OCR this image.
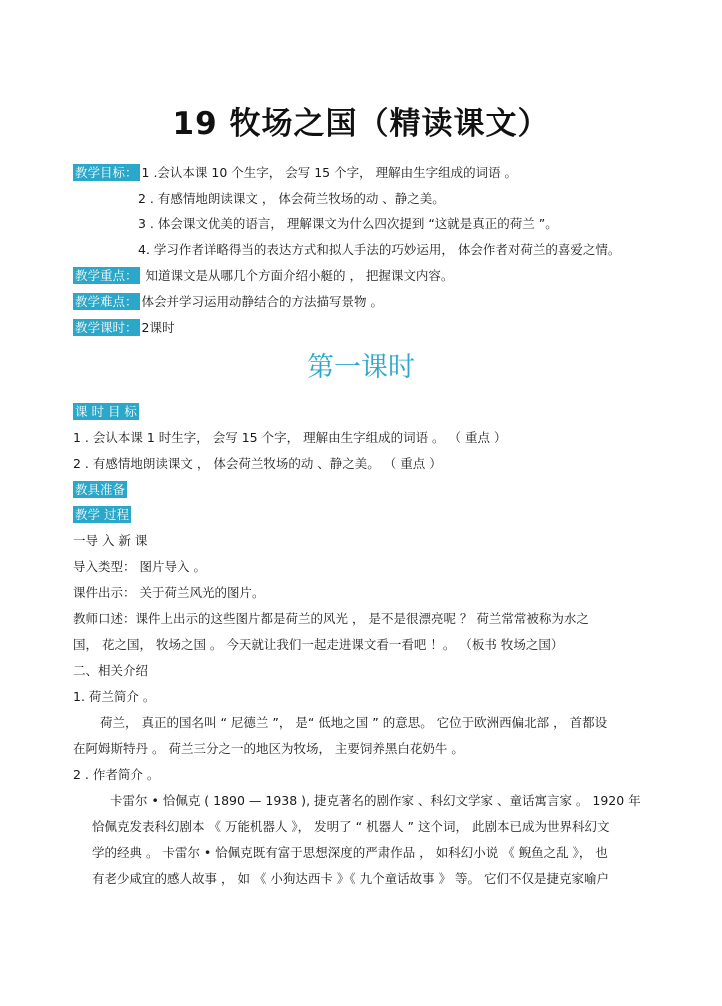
19 牧场之国（精读课文）
教学目标： 1 .会认本课 10 个生字， 会写 15 个字， 理解由生字组成的词语 。
2 . 有感情地朗读课文 ， 体会荷兰牧场的动 、静之美。
3 . 体会课文优美的语言， 理解课文为什么四次提到 “这就是真正的荷兰 ”。
4. 学习作者详略得当的表达方式和拟人手法的巧妙运用， 体会作者对荷兰的喜爱之情。
教学重点： 知道课文是从哪几个方面介绍小艇的 ， 把握课文内容。
教学难点： 体会并学习运用动静结合的方法描写景物 。
教学课时： 2课时
第一课时
课 时 目 标
1 . 会认本课 1 时生字， 会写 15 个字， 理解由生字组成的词语 。 （ 重点 ）
2 . 有感情地朗读课文 ， 体会荷兰牧场的动 、静之美。 （ 重点 ）
教具准备
教学 过程
一导 入 新 课
导入类型： 图片导入 。
课件出示： 关于荷兰风光的图片。
教师口述：课件上出示的这些图片都是荷兰的风光 ， 是不是很漂亮呢 ？ 荷兰常常被称为水之
国， 花之国， 牧场之国 。 今天就让我们一起走进课文看一看吧 ！。 （板书 牧场之国）
二、相关介绍
1. 荷兰简介 。
荷兰， 真正的国名叫 “ 尼德兰 ”， 是“ 低地之国 ” 的意思。 它位于欧洲西偏北部 ， 首都设
在阿姆斯特丹 。 荷兰三分之一的地区为牧场， 主要饲养黑白花奶牛 。
2 . 作者简介 。
卡雷尔 • 恰佩克 ( 1890 — 1938 ), 捷克著名的剧作家 、科幻文学家 、童话寓言家 。 1920 年
恰佩克发表科幻剧本 《 万能机器人 》， 发明了 “ 机器人 ” 这个词， 此剧本已成为世界科幻文
学的经典 。 卡雷尔 • 恰佩克既有富于思想深度的严肃作品 ， 如科幻小说 《 鲵鱼之乱 》， 也
有老少咸宜的感人故事 ， 如 《 小狗达西卡 》《 九个童话故事 》 等。 它们不仅是捷克家喻户
